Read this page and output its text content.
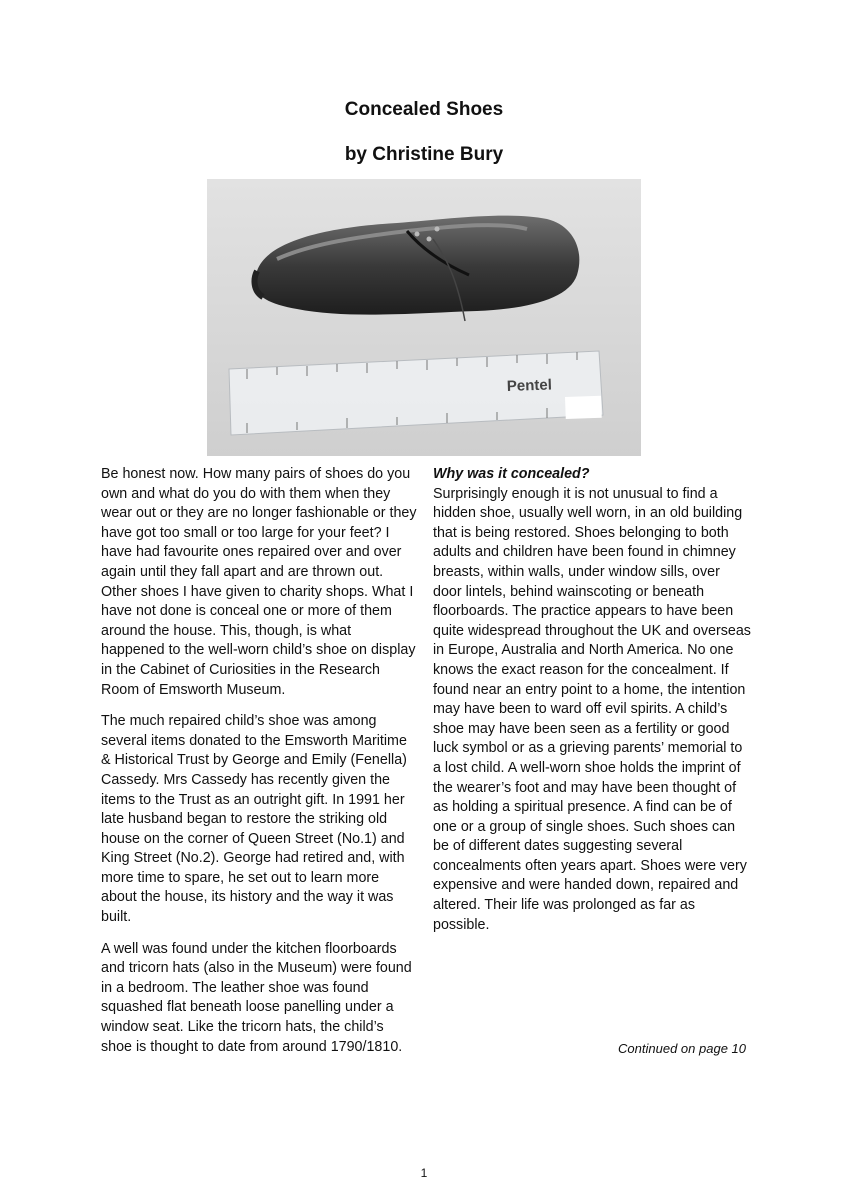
Concealed Shoes
by Christine Bury
Pentel

Be honest now. How many pairs of shoes do you own and what do you do with them when they wear out or they are no longer fashionable or they have got too small or too large for your feet? I have had favourite ones repaired over and over again until they fall apart and are thrown out. Other shoes I have given to charity shops. What I have not done is conceal one or more of them around the house. This, though, is what happened to the well-worn child’s shoe on display in the Cabinet of Curiosities in the Research Room of Emsworth Museum.

The much repaired child’s shoe was among several items donated to the Emsworth Maritime & Historical Trust by George and Emily (Fenella) Cassedy. Mrs Cassedy has recently given the items to the Trust as an outright gift. In 1991 her late husband began to restore the striking old house on the corner of Queen Street (No.1) and King Street (No.2). George had retired and, with more time to spare, he set out to learn more about the house, its history and the way it was built.

A well was found under the kitchen floorboards and tricorn hats (also in the Museum) were found in a bedroom. The leather shoe was found squashed flat beneath loose panelling under a window seat. Like the tricorn hats, the child’s shoe is thought to date from around 1790/1810.

Why was it concealed?

Surprisingly enough it is not unusual to find a hidden shoe, usually well worn, in an old building that is being restored. Shoes belonging to both adults and children have been found in chimney breasts, within walls, under window sills, over door lintels, behind wainscoting or beneath floorboards. The practice appears to have been quite widespread throughout the UK and overseas in Europe, Australia and North America. No one knows the exact reason for the concealment. If found near an entry point to a home, the intention may have been to ward off evil spirits. A child’s shoe may have been seen as a fertility or good luck symbol or as a grieving parents’ memorial to a lost child. A well-worn shoe holds the imprint of the wearer’s foot and may have been thought of as holding a spiritual presence. A find can be of one or a group of single shoes. Such shoes can be of different dates suggesting several concealments often years apart. Shoes were very expensive and were handed down, repaired and altered. Their life was prolonged as far as possible.

Continued on page 10
1
